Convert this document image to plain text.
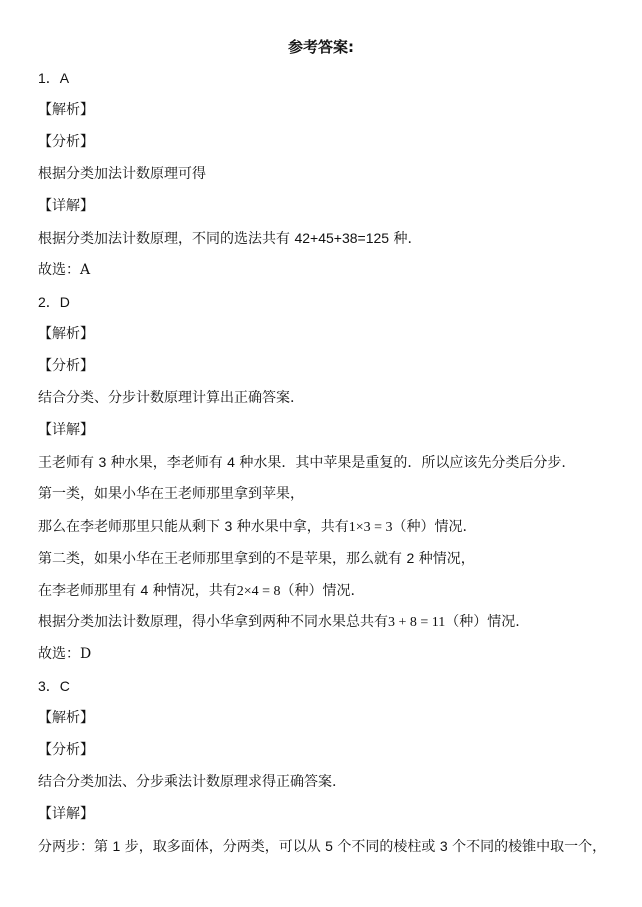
参考答案:
1．A
【解析】
【分析】
根据分类加法计数原理可得
【详解】
根据分类加法计数原理，不同的选法共有 42+45+38=125 种.
故选：A
2．D
【解析】
【分析】
结合分类、分步计数原理计算出正确答案.
【详解】
王老师有 3 种水果，李老师有 4 种水果．其中苹果是重复的．所以应该先分类后分步.
第一类，如果小华在王老师那里拿到苹果，
那么在李老师那里只能从剩下 3 种水果中拿，共有1×3 = 3（种）情况.
第二类，如果小华在王老师那里拿到的不是苹果，那么就有 2 种情况，
在李老师那里有 4 种情况，共有2×4 = 8（种）情况.
根据分类加法计数原理，得小华拿到两种不同水果总共有3 + 8 = 11（种）情况.
故选：D
3．C
【解析】
【分析】
结合分类加法、分步乘法计数原理求得正确答案.
【详解】
分两步：第 1 步，取多面体，分两类，可以从 5 个不同的棱柱或 3 个不同的棱锥中取一个，
